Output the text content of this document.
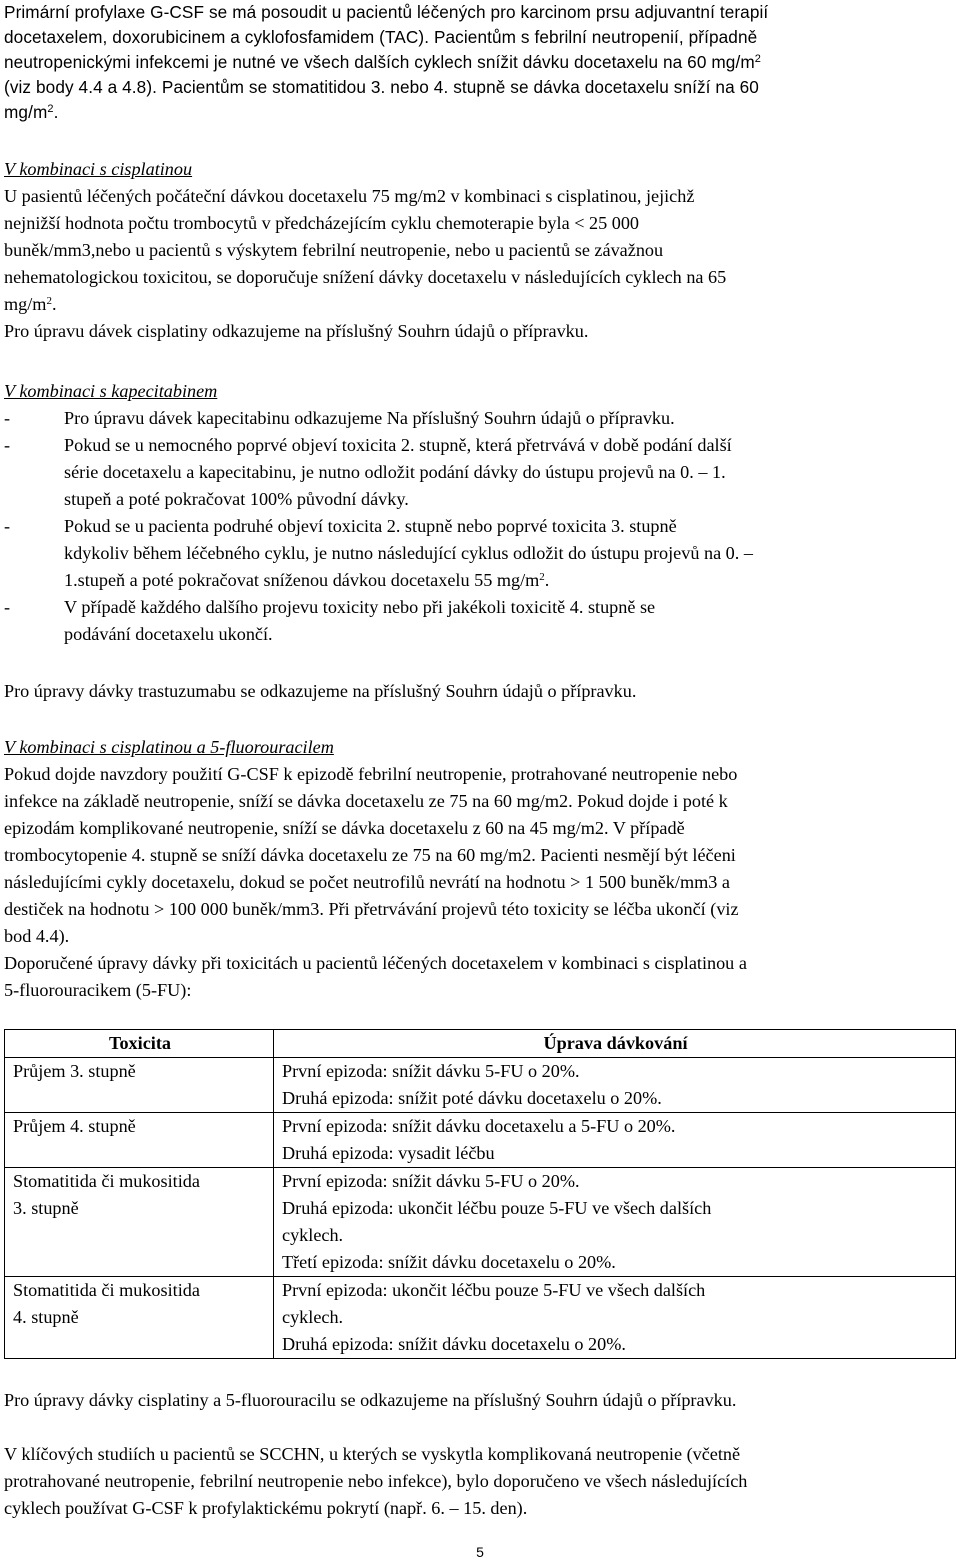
Primární profylaxe G-CSF se má posoudit u pacientů léčených pro karcinom prsu adjuvantní terapií
docetaxelem, doxorubicinem a cyklofosfamidem (TAC). Pacientům s febrilní neutropenií, případně
neutropenickými infekcemi je nutné ve všech dalších cyklech snížit dávku docetaxelu na 60 $mg/m^2$
(viz body 4.4 a 4.8). Pacientům se stomatitidou 3. nebo 4. stupně se dávka docetaxelu sníží na 60
$mg/m^2$.

V kombinaci s cisplatinou

U pasientů léčených počáteční dávkou docetaxelu 75 mg/m2 v kombinaci s cisplatinou, jejichž
nejnižší hodnota počtu trombocytů v předcházejícím cyklu chemoterapie byla < 25 000
buněk/mm3,nebo u pacientů s výskytem febrilní neutropenie, nebo u pacientů se závažnou
nehematologickou toxicitou, se doporučuje snížení dávky docetaxelu v následujících cyklech na 65
$mg/m^2$.
Pro úpravu dávek cisplatiny odkazujeme na příslušný Souhrn údajů o přípravku.

V kombinaci s kapecitabinem

-	Pro úpravu dávek kapecitabinu odkazujeme Na příslušný Souhrn údajů o přípravku.
-	Pokud se u nemocného poprvé objeví toxicita 2. stupně, která přetrvává v době podání další
série docetaxelu a kapecitabinu, je nutno odložit podání dávky do ústupu projevů na 0. ‒ 1.
stupeň a poté pokračovat 100% původní dávky.
-	Pokud se u pacienta podruhé objeví toxicita 2. stupně nebo poprvé toxicita 3. stupně
kdykoliv během léčebného cyklu, je nutno následující cyklus odložit do ústupu projevů na 0. ‒
1.stupeň a poté pokračovat sníženou dávkou docetaxelu 55 $mg/m^2$.
-	V případě každého dalšího projevu toxicity nebo při jakékoli toxicitě 4. stupně se
podávání docetaxelu ukončí.

Pro úpravy dávky trastuzumabu se odkazujeme na příslušný Souhrn údajů o přípravku.

V kombinaci s cisplatinou a 5-fluorouracilem

Pokud dojde navzdory použití G-CSF k epizodě febrilní neutropenie, protrahované neutropenie nebo
infekce na základě neutropenie, sníží se dávka docetaxelu ze 75 na 60 mg/m2. Pokud dojde i poté k
epizodám komplikované neutropenie, sníží se dávka docetaxelu z 60 na 45 mg/m2. V případě
trombocytopenie 4. stupně se sníží dávka docetaxelu ze 75 na 60 mg/m2. Pacienti nesmějí být léčeni
následujícími cykly docetaxelu, dokud se počet neutrofilů nevrátí na hodnotu > 1 500 buněk/mm3 a
destiček na hodnotu > 100 000 buněk/mm3. Při přetrvávání projevů této toxicity se léčba ukončí (viz
bod 4.4).
Doporučené úpravy dávky při toxicitách u pacientů léčených docetaxelem v kombinaci s cisplatinou a
5-fluorouracikem (5-FU):
Toxicita	Úprava dávkování

Průjem 3. stupně	První epizoda: snížit dávku 5-FU o 20%.
Druhá epizoda: snížit poté dávku docetaxelu o 20%.

Průjem 4. stupně	První epizoda: snížit dávku docetaxelu a 5-FU o 20%.
Druhá epizoda: vysadit léčbu

Stomatitida či mukositida
3. stupně	První epizoda: snížit dávku 5-FU o 20%.
Druhá epizoda: ukončit léčbu pouze 5-FU ve všech dalších
cyklech.
Třetí epizoda: snížit dávku docetaxelu o 20%.

Stomatitida či mukositida
4. stupně	První epizoda: ukončit léčbu pouze 5-FU ve všech dalších
cyklech.
Druhá epizoda: snížit dávku docetaxelu o 20%.

Pro úpravy dávky cisplatiny a 5-fluorouracilu se odkazujeme na příslušný Souhrn údajů o přípravku.

V klíčových studiích u pacientů se SCCHN, u kterých se vyskytla komplikovaná neutropenie (včetně
protrahované neutropenie, febrilní neutropenie nebo infekce), bylo doporučeno ve všech následujících
cyklech používat G-CSF k profylaktickému pokrytí (např. 6. ‒ 15. den).
5
